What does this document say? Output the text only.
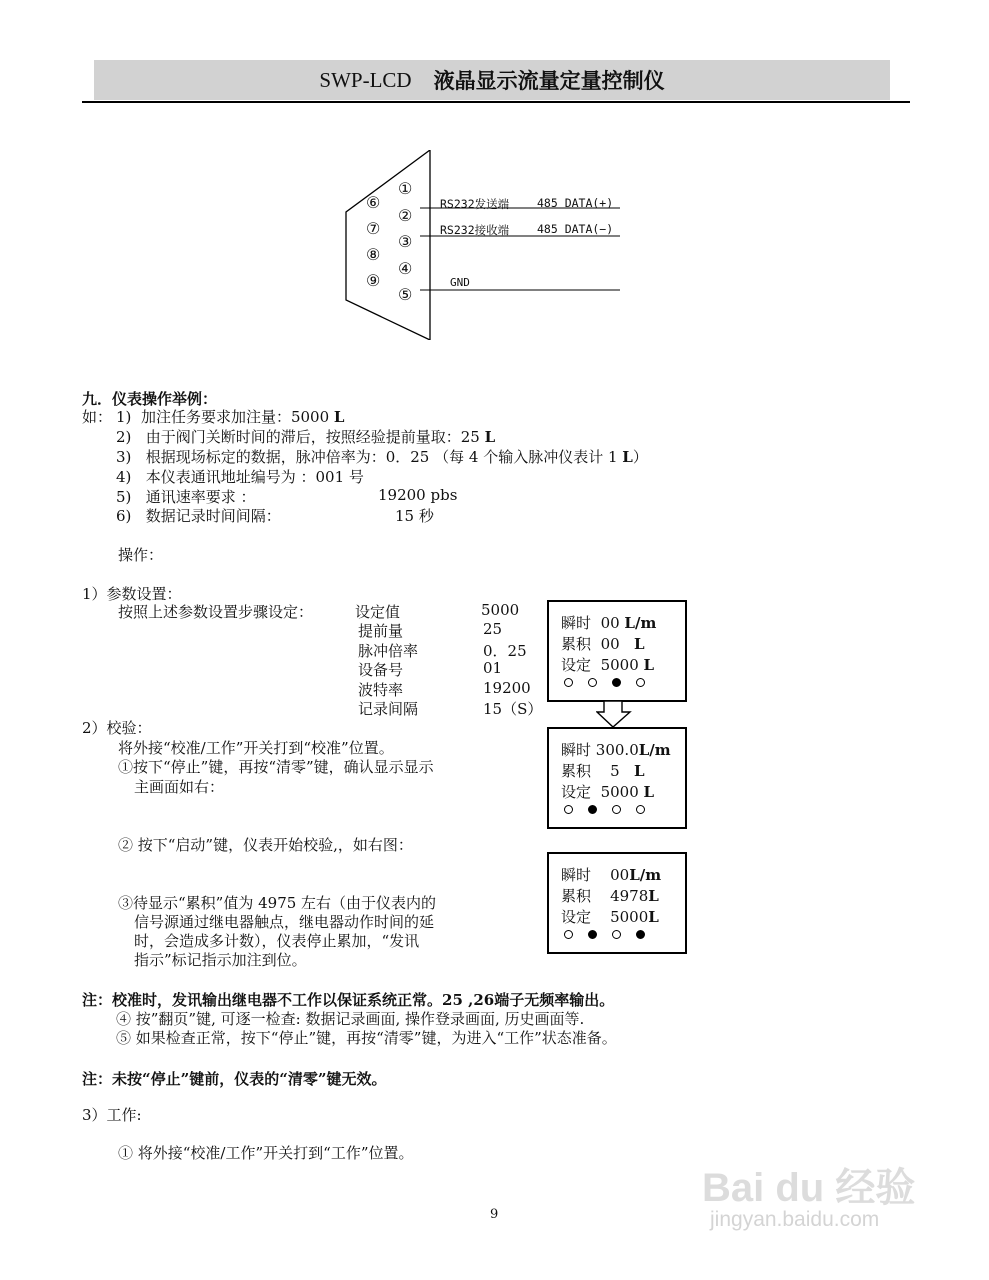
SWP-LCD 液晶显示流量定量控制仪
①
②
③
④
⑤
⑥
⑦
⑧
⑨
RS232发送端 485 DATA(+)
RS232接收端 485 DATA(−)
GND
九．仪表操作举例：
如： 1) 加注任务要求加注量：5000 L
2) 由于阀门关断时间的滞后，按照经验提前量取：25 L
3) 根据现场标定的数据，脉冲倍率为：0．25 （每 4 个输入脉冲仪表计 1 L）
4) 本仪表通讯地址编号为 ：001 号
5) 通讯速率要求 ：	19200 pbs
6) 数据记录时间间隔：	15 秒
操作：
1）参数设置：
按照上述参数设置步骤设定：	设定值	5000
提前量	25
脉冲倍率	0．25
设备号	01
波特率	19200
记录间隔	15（S）
2）校验：
将外接“校准/工作”开关打到“校准”位置。
①按下“停止”键，再按“清零”键，确认显示显示
主画面如右：
② 按下“启动”键，仪表开始校验,，如右图：
③待显示“累积”值为 4975 左右（由于仪表内的
信号源通过继电器触点，继电器动作时间的延
时，会造成多计数），仪表停止累加，“发讯
指示”标记指示加注到位。
瞬时 00 L/m
累积 00   L
设定 5000 L
瞬时 300.0L/m
累积 5   L
设定 5000 L
瞬时 00L/m
累积 4978L
设定 5000L
注：校准时，发讯输出继电器不工作以保证系统正常。25 ,26端子无频率输出。
④ 按”翻页”键, 可逐一检查: 数据记录画面, 操作登录画面, 历史画面等.
⑤ 如果检查正常，按下“停止”键，再按“清零”键，为进入“工作”状态准备。
注：未按“停止”键前，仪表的“清零”键无效。
3）工作:
① 将外接“校准/工作”开关打到“工作”位置。
9
Bai du 经验
jingyan.baidu.com
